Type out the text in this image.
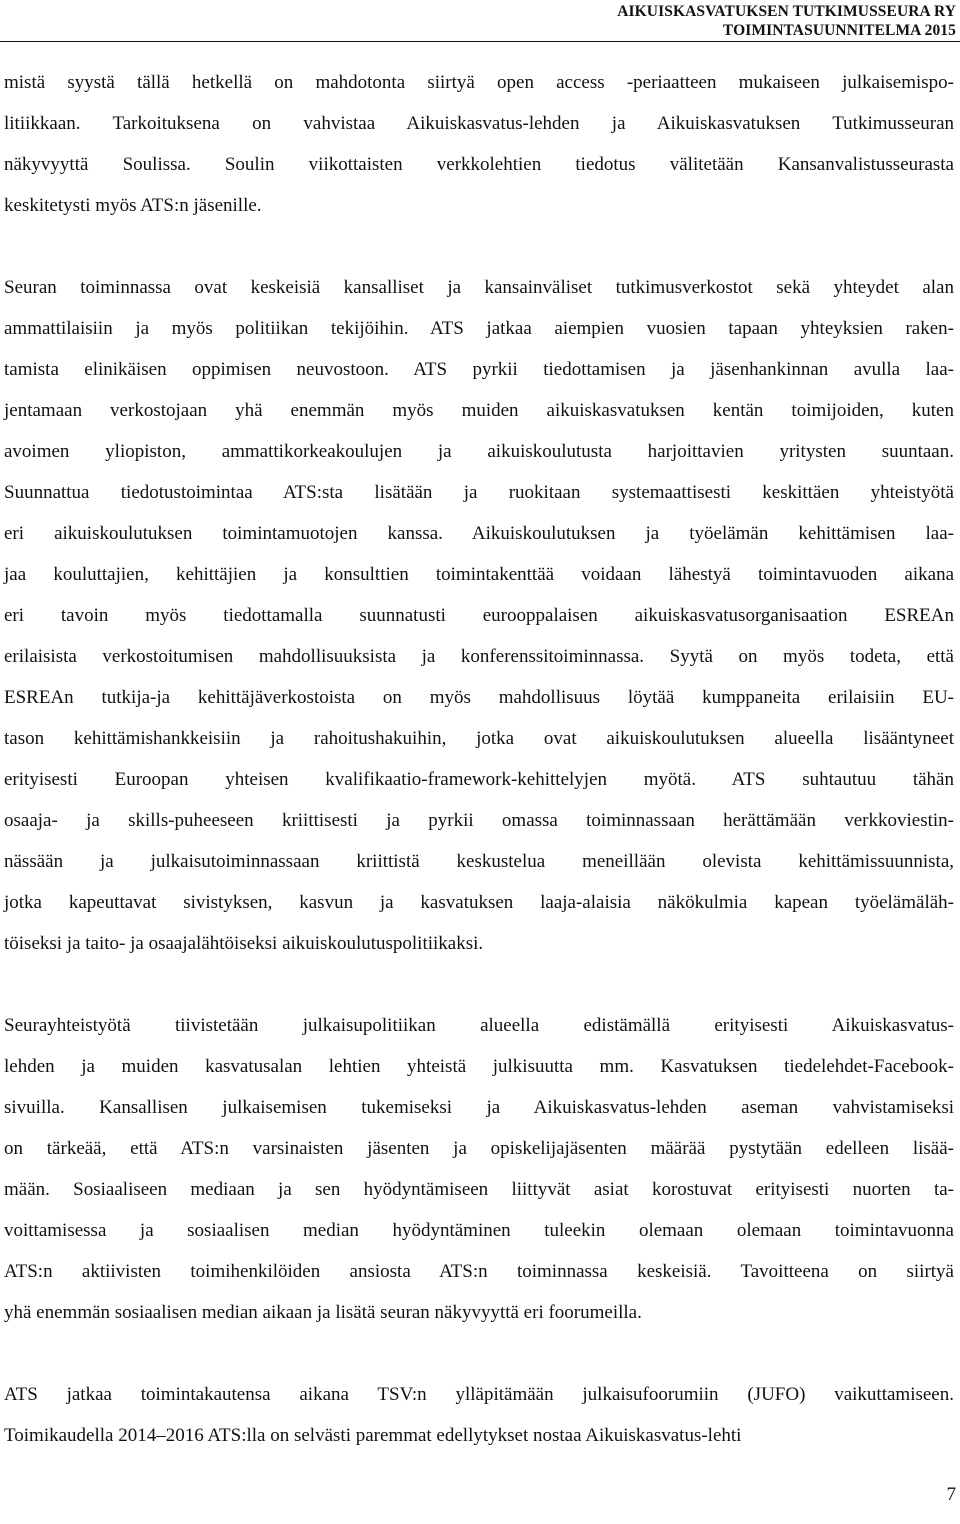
AIKUISKASVATUKSEN TUTKIMUSSEURA RY
TOIMINTASUUNNITELMA 2015
mistä syystä tällä hetkellä on mahdotonta siirtyä open access -periaatteen mukaiseen julkaisemispo-
litiikkaan. Tarkoituksena on vahvistaa Aikuiskasvatus-lehden ja Aikuiskasvatuksen Tutkimusseuran
näkyvyyttä Soulissa. Soulin viikottaisten verkkolehtien tiedotus välitetään Kansanvalistusseurasta
keskitetysti myös ATS:n jäsenille.
Seuran toiminnassa ovat keskeisiä kansalliset ja kansainväliset tutkimusverkostot sekä yhteydet alan
ammattilaisiin ja myös politiikan tekijöihin. ATS jatkaa aiempien vuosien tapaan yhteyksien raken-
tamista elinikäisen oppimisen neuvostoon. ATS pyrkii tiedottamisen ja jäsenhankinnan avulla laa-
jentamaan verkostojaan yhä enemmän myös muiden aikuiskasvatuksen kentän toimijoiden, kuten
avoimen yliopiston, ammattikorkeakoulujen ja aikuiskoulutusta harjoittavien yritysten suuntaan.
Suunnattua tiedotustoimintaa ATS:sta lisätään ja ruokitaan systemaattisesti keskittäen yhteistyötä
eri aikuiskoulutuksen toimintamuotojen kanssa. Aikuiskoulutuksen ja työelämän kehittämisen laa-
jaa kouluttajien, kehittäjien ja konsulttien toimintakenttää voidaan lähestyä toimintavuoden aikana
eri tavoin myös tiedottamalla suunnatusti eurooppalaisen aikuiskasvatusorganisaation ESREAn
erilaisista verkostoitumisen mahdollisuuksista ja konferenssitoiminnassa. Syytä on myös todeta, että
ESREAn tutkija-ja kehittäjäverkostoista on myös mahdollisuus löytää kumppaneita erilaisiin EU-
tason kehittämishankkeisiin ja rahoitushakuihin, jotka ovat aikuiskoulutuksen alueella lisääntyneet
erityisesti Euroopan yhteisen kvalifikaatio-framework-kehittelyjen myötä. ATS suhtautuu tähän
osaaja- ja skills-puheeseen kriittisesti ja pyrkii omassa toiminnassaan herättämään verkkoviestin-
nässään ja julkaisutoiminnassaan kriittistä keskustelua meneillään olevista kehittämissuunnista,
jotka kapeuttavat sivistyksen, kasvun ja kasvatuksen laaja-alaisia näkökulmia kapean työelämäläh-
töiseksi ja taito- ja osaajalähtöiseksi aikuiskoulutuspolitiikaksi.
Seurayhteistyötä tiivistetään julkaisupolitiikan alueella edistämällä erityisesti Aikuiskasvatus-
lehden ja muiden kasvatusalan lehtien yhteistä julkisuutta mm. Kasvatuksen tiedelehdet-Facebook-
sivuilla. Kansallisen julkaisemisen tukemiseksi ja Aikuiskasvatus-lehden aseman vahvistamiseksi
on tärkeää, että ATS:n varsinaisten jäsenten ja opiskelijajäsenten määrää pystytään edelleen lisää-
mään. Sosiaaliseen mediaan ja sen hyödyntämiseen liittyvät asiat korostuvat erityisesti nuorten ta-
voittamisessa ja sosiaalisen median hyödyntäminen tuleekin olemaan olemaan toimintavuonna
ATS:n aktiivisten toimihenkilöiden ansiosta ATS:n toiminnassa keskeisiä. Tavoitteena on siirtyä
yhä enemmän sosiaalisen median aikaan ja lisätä seuran näkyvyyttä eri foorumeilla.
ATS jatkaa toimintakautensa aikana TSV:n ylläpitämään julkaisufoorumiin (JUFO) vaikuttamiseen.
Toimikaudella 2014–2016 ATS:lla on selvästi paremmat edellytykset nostaa Aikuiskasvatus-lehti
7
